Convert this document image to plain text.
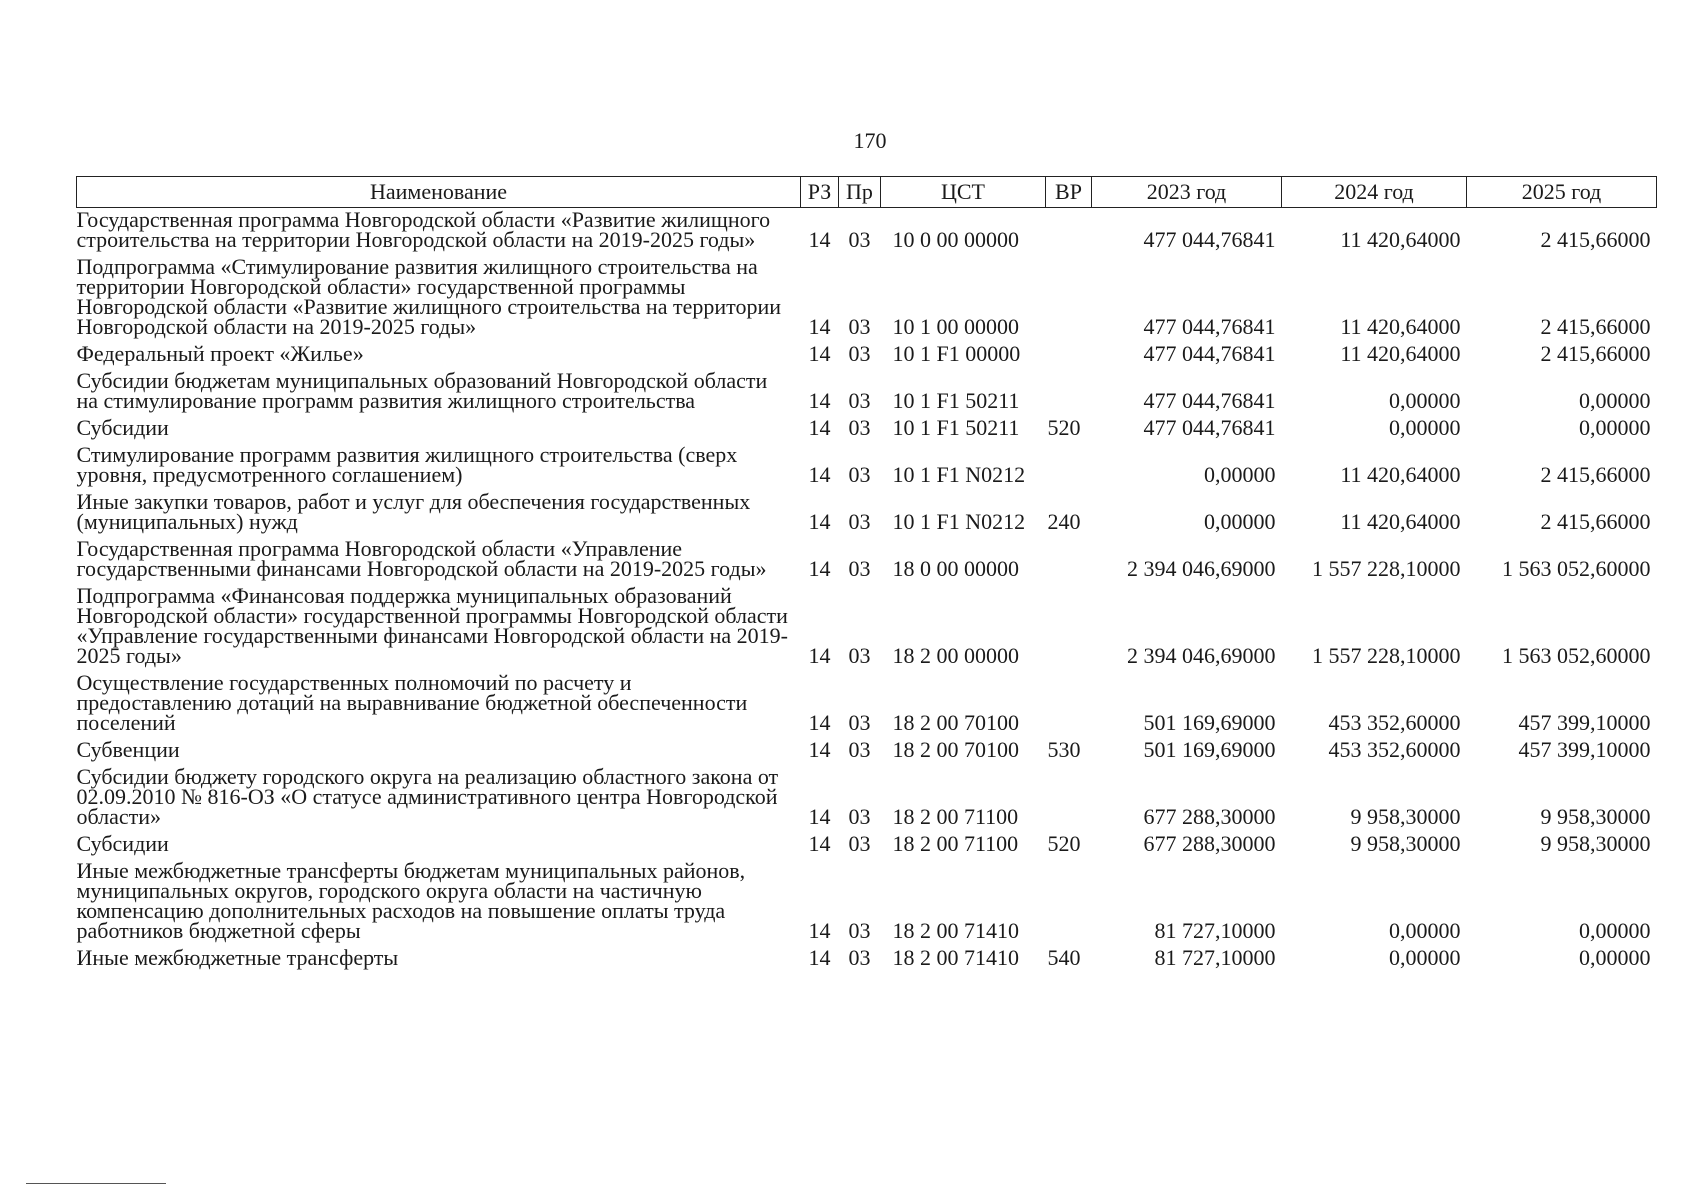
170
Наименование	РЗ	Пр	ЦСТ	ВР	2023 год	2024 год	2025 год
Государственная программа Новгородской области «Развитие жилищного строительства на территории Новгородской области на 2019-2025 годы»	14	03	10 0 00 00000		477 044,76841	11 420,64000	2 415,66000
Подпрограмма «Стимулирование развития жилищного строительства на территории Новгородской области» государственной программы Новгородской области «Развитие жилищного строительства на территории Новгородской области на 2019-2025 годы»	14	03	10 1 00 00000		477 044,76841	11 420,64000	2 415,66000
Федеральный проект «Жилье»	14	03	10 1 F1 00000		477 044,76841	11 420,64000	2 415,66000
Субсидии бюджетам муниципальных образований Новгородской области на стимулирование программ развития жилищного строительства	14	03	10 1 F1 50211		477 044,76841	0,00000	0,00000
Субсидии	14	03	10 1 F1 50211	520	477 044,76841	0,00000	0,00000
Стимулирование программ развития жилищного строительства (сверх уровня, предусмотренного соглашением)	14	03	10 1 F1 N0212		0,00000	11 420,64000	2 415,66000
Иные закупки товаров, работ и услуг для обеспечения государственных (муниципальных) нужд	14	03	10 1 F1 N0212	240	0,00000	11 420,64000	2 415,66000
Государственная программа Новгородской области «Управление государственными финансами Новгородской области на 2019-2025 годы»	14	03	18 0 00 00000		2 394 046,69000	1 557 228,10000	1 563 052,60000
Подпрограмма «Финансовая поддержка муниципальных образований Новгородской области» государственной программы Новгородской области «Управление государственными финансами Новгородской области на 2019-2025 годы»	14	03	18 2 00 00000		2 394 046,69000	1 557 228,10000	1 563 052,60000
Осуществление государственных полномочий по расчету и предоставлению дотаций на выравнивание бюджетной обеспеченности поселений	14	03	18 2 00 70100		501 169,69000	453 352,60000	457 399,10000
Субвенции	14	03	18 2 00 70100	530	501 169,69000	453 352,60000	457 399,10000
Субсидии бюджету городского округа на реализацию областного закона от 02.09.2010 № 816-ОЗ «О статусе административного центра Новгородской области»	14	03	18 2 00 71100		677 288,30000	9 958,30000	9 958,30000
Субсидии	14	03	18 2 00 71100	520	677 288,30000	9 958,30000	9 958,30000
Иные межбюджетные трансферты бюджетам муниципальных районов, муниципальных округов, городского округа области на частичную компенсацию дополнительных расходов на повышение оплаты труда работников бюджетной сферы	14	03	18 2 00 71410		81 727,10000	0,00000	0,00000
Иные межбюджетные трансферты	14	03	18 2 00 71410	540	81 727,10000	0,00000	0,00000
